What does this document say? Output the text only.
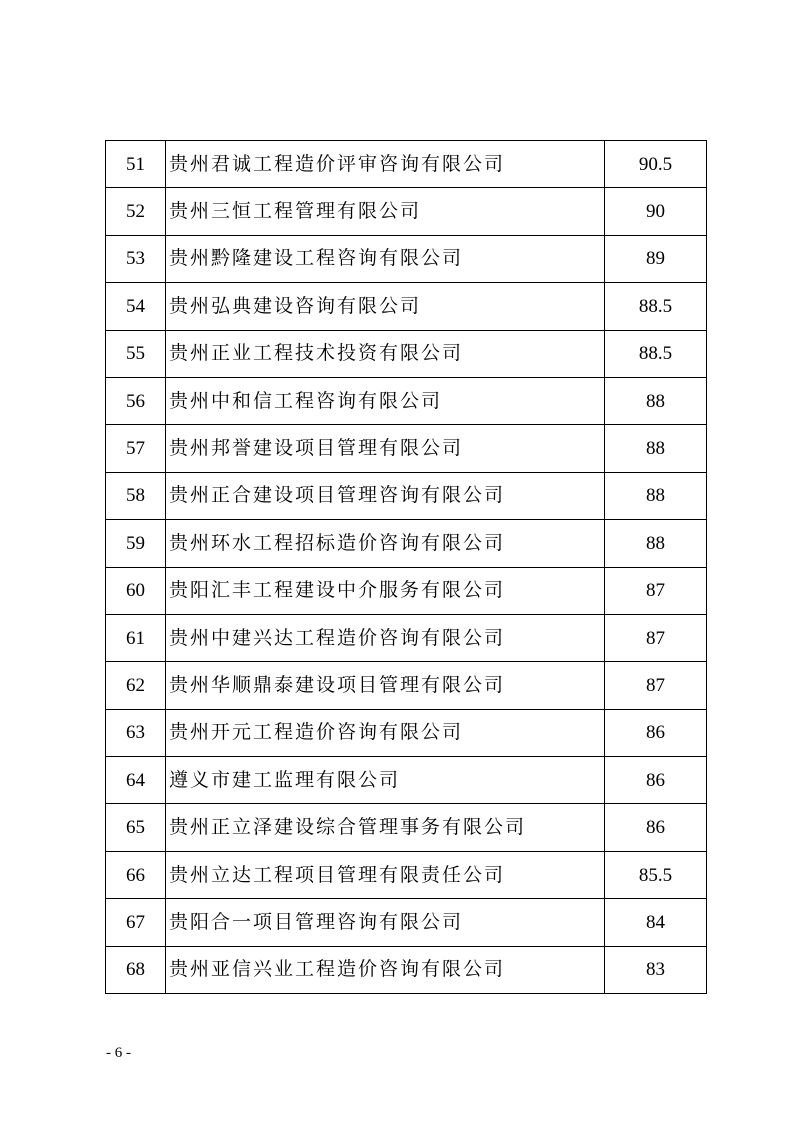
51	贵州君诚工程造价评审咨询有限公司	90.5
52	贵州三恒工程管理有限公司	90
53	贵州黔隆建设工程咨询有限公司	89
54	贵州弘典建设咨询有限公司	88.5
55	贵州正业工程技术投资有限公司	88.5
56	贵州中和信工程咨询有限公司	88
57	贵州邦誉建设项目管理有限公司	88
58	贵州正合建设项目管理咨询有限公司	88
59	贵州环水工程招标造价咨询有限公司	88
60	贵阳汇丰工程建设中介服务有限公司	87
61	贵州中建兴达工程造价咨询有限公司	87
62	贵州华顺鼎泰建设项目管理有限公司	87
63	贵州开元工程造价咨询有限公司	86
64	遵义市建工监理有限公司	86
65	贵州正立泽建设综合管理事务有限公司	86
66	贵州立达工程项目管理有限责任公司	85.5
67	贵阳合一项目管理咨询有限公司	84
68	贵州亚信兴业工程造价咨询有限公司	83
- 6 -
